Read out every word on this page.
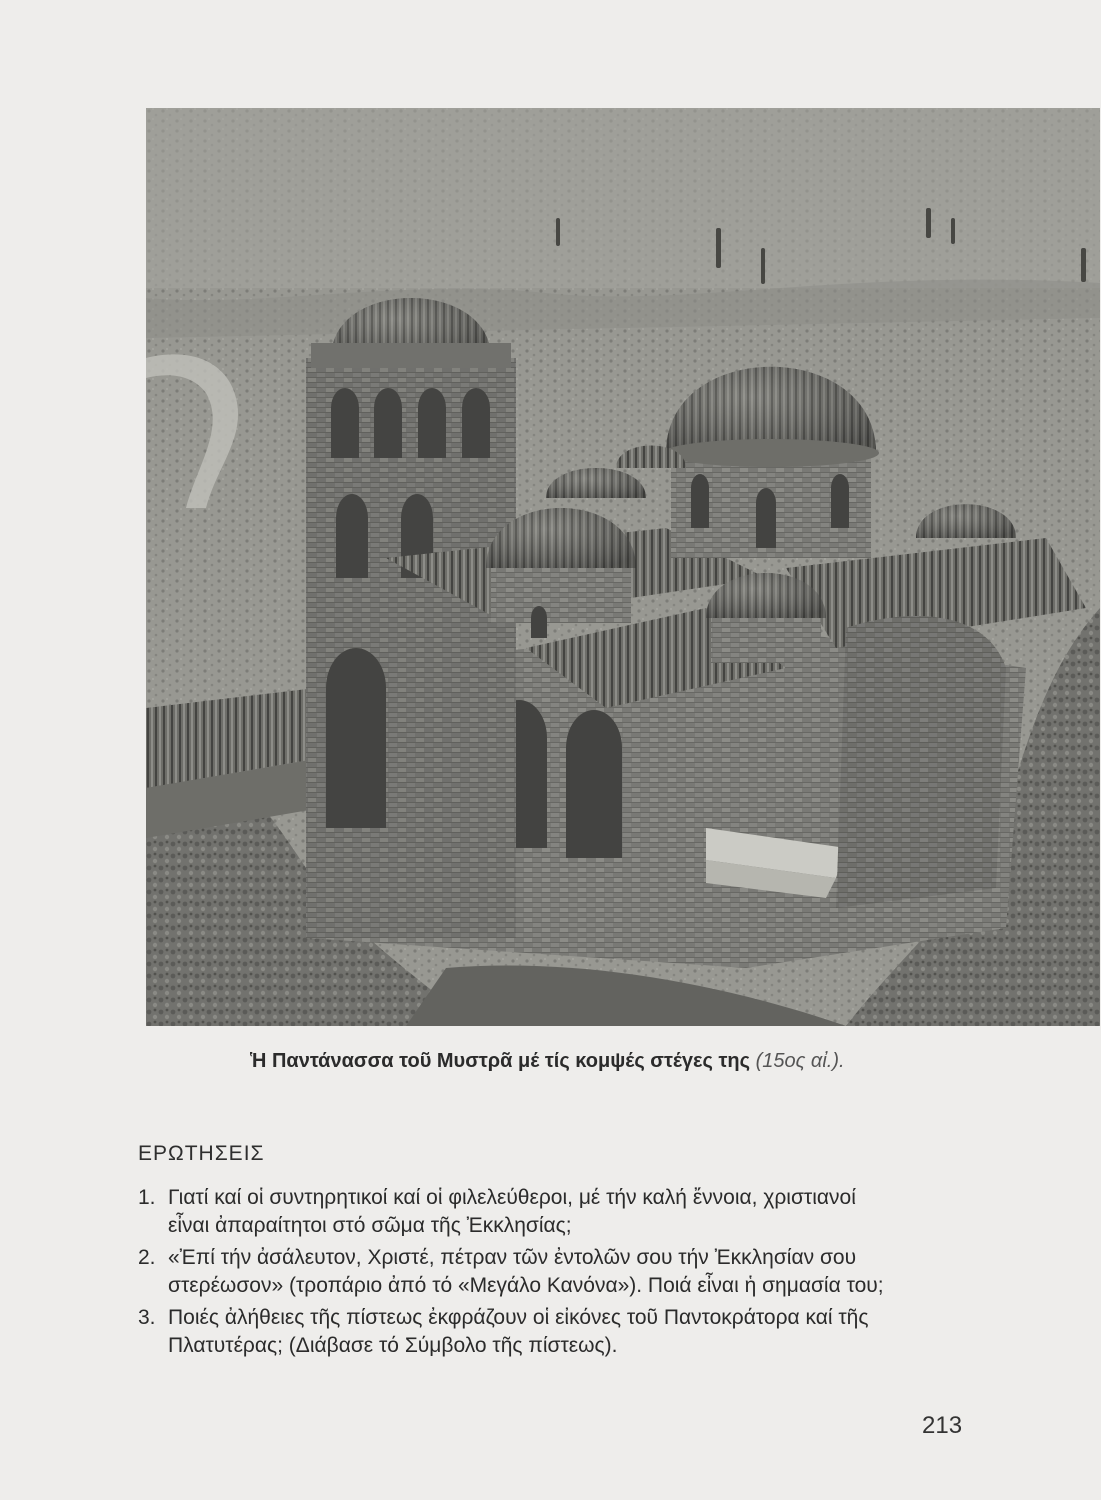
Ἡ Παντάνασσα τοῦ Μυστρᾶ μέ τίς κομψές στέγες της (15ος αἰ.).
ΕΡΩΤΗΣΕΙΣ
1. Γιατί καί οἱ συντηρητικοί καί οἱ φιλελεύθεροι, μέ τήν καλή ἔννοια, χριστιανοί
εἶναι ἀπαραίτητοι στό σῶμα τῆς Ἐκκλησίας;
2. «Ἐπί τήν ἀσάλευτον, Χριστέ, πέτραν τῶν ἐντολῶν σου τήν Ἐκκλησίαν σου
στερέωσον» (τροπάριο ἀπό τό «Μεγάλο Κανόνα»). Ποιά εἶναι ἡ σημασία του;
3. Ποιές ἀλήθειες τῆς πίστεως ἐκφράζουν οἱ εἰκόνες τοῦ Παντοκράτορα καί τῆς
Πλατυτέρας; (Διάβασε τό Σύμβολο τῆς πίστεως).
213
